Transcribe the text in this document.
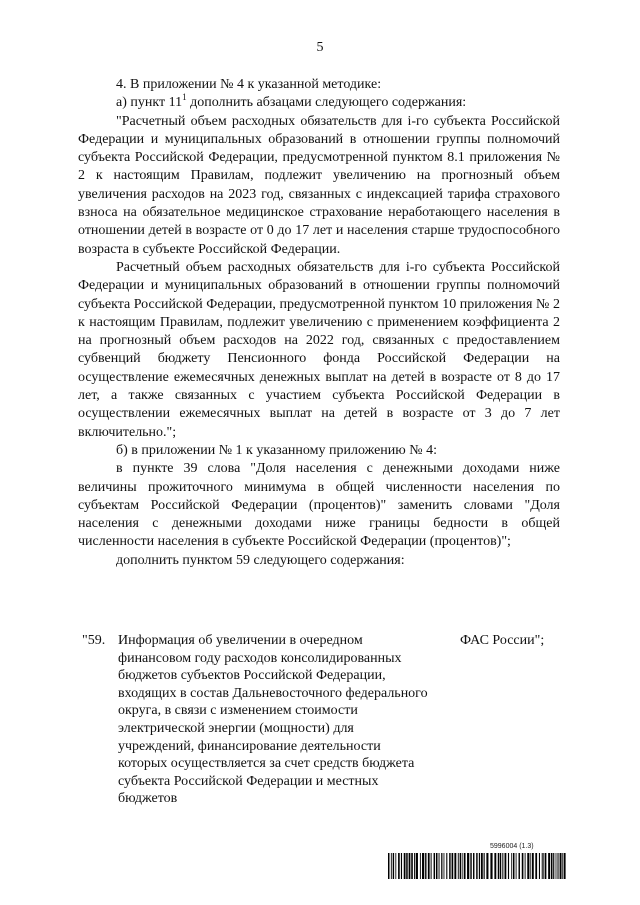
5

4. В приложении № 4 к указанной методике:

а) пункт $11^1$ дополнить абзацами следующего содержания:

"Расчетный объем расходных обязательств для i-го субъекта Российской Федерации и муниципальных образований в отношении группы полномочий субъекта Российской Федерации, предусмотренной пунктом 8.1 приложения № 2 к настоящим Правилам, подлежит увеличению на прогнозный объем увеличения расходов на 2023 год, связанных с индексацией тарифа страхового взноса на обязательное медицинское страхование неработающего населения в отношении детей в возрасте от 0 до 17 лет и населения старше трудоспособного возраста в субъекте Российской Федерации.

Расчетный объем расходных обязательств для i-го субъекта Российской Федерации и муниципальных образований в отношении группы полномочий субъекта Российской Федерации, предусмотренной пунктом 10 приложения № 2 к настоящим Правилам, подлежит увеличению с применением коэффициента 2 на прогнозный объем расходов на 2022 год, связанных с предоставлением субвенций бюджету Пенсионного фонда Российской Федерации на осуществление ежемесячных денежных выплат на детей в возрасте от 8 до 17 лет, а также связанных с участием субъекта Российской Федерации в осуществлении ежемесячных выплат на детей в возрасте от 3 до 7 лет включительно.";

б) в приложении № 1 к указанному приложению № 4:

в пункте 39 слова "Доля населения с денежными доходами ниже величины прожиточного минимума в общей численности населения по субъектам Российской Федерации (процентов)" заменить словами "Доля населения с денежными доходами ниже границы бедности в общей численности населения в субъекте Российской Федерации (процентов)";

дополнить пунктом 59 следующего содержания:

"59. Информация об увеличении в очередном финансовом году расходов консолидированных бюджетов субъектов Российской Федерации, входящих в состав Дальневосточного федерального округа, в связи с изменением стоимости электрической энергии (мощности) для учреждений, финансирование деятельности которых осуществляется за счет средств бюджета субъекта Российской Федерации и местных бюджетов
ФАС России";
5996004 (1.3)
